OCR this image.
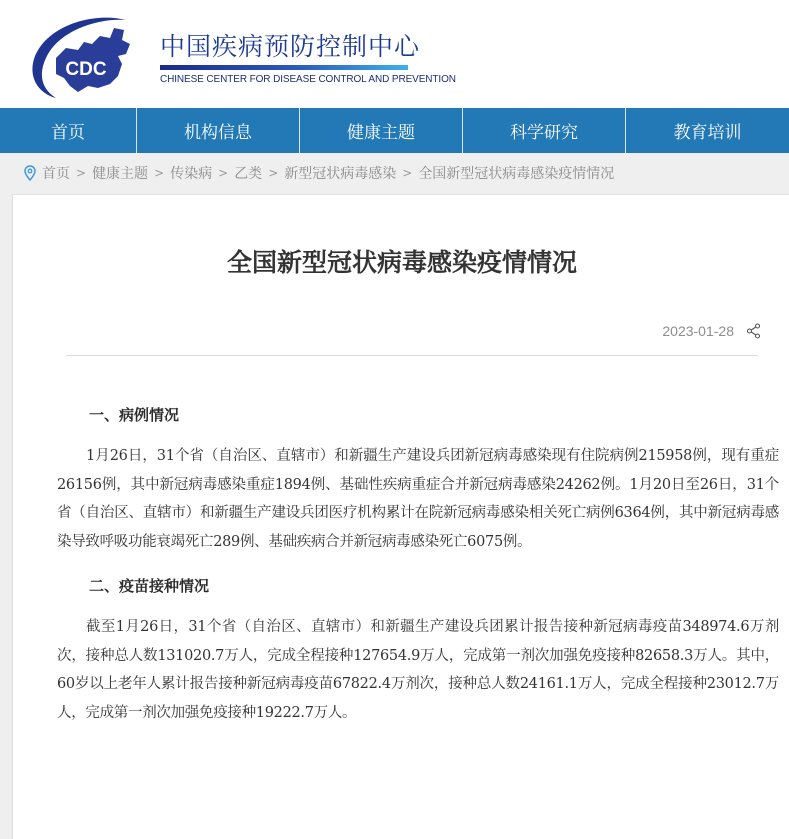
CDC
中国疾病预防控制中心
CHINESE CENTER FOR DISEASE CONTROL AND PREVENTION
首页	机构信息	健康主题	科学研究	教育培训
首页 > 健康主题 > 传染病 > 乙类 > 新型冠状病毒感染 > 全国新型冠状病毒感染疫情情况
全国新型冠状病毒感染疫情情况
2023-01-28
一、病例情况

1月26日，31个省（自治区、直辖市）和新疆生产建设兵团新冠病毒感染现有住院病例215958例，现有重症26156例，其中新冠病毒感染重症1894例、基础性疾病重症合并新冠病毒感染24262例。1月20日至26日，31个省（自治区、直辖市）和新疆生产建设兵团医疗机构累计在院新冠病毒感染相关死亡病例6364例，其中新冠病毒感染导致呼吸功能衰竭死亡289例、基础疾病合并新冠病毒感染死亡6075例。

二、疫苗接种情况

截至1月26日，31个省（自治区、直辖市）和新疆生产建设兵团累计报告接种新冠病毒疫苗348974.6万剂次，接种总人数131020.7万人，完成全程接种127654.9万人，完成第一剂次加强免疫接种82658.3万人。其中，60岁以上老年人累计报告接种新冠病毒疫苗67822.4万剂次，接种总人数24161.1万人，完成全程接种23012.7万人，完成第一剂次加强免疫接种19222.7万人。
